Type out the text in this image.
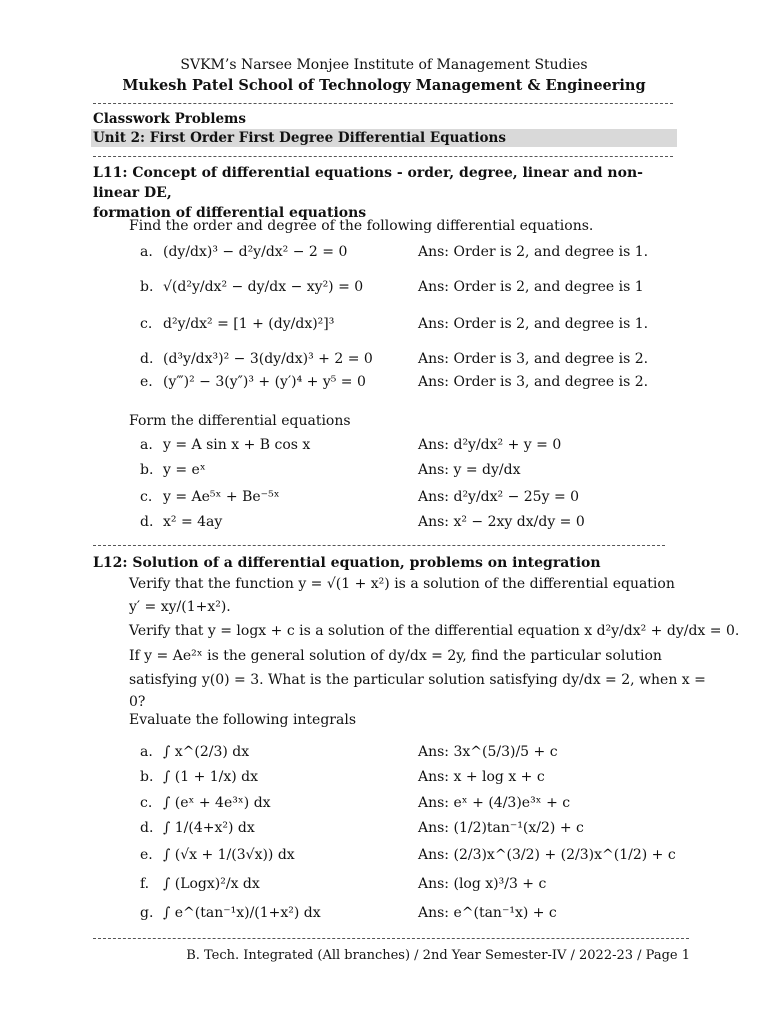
SVKM’s Narsee Monjee Institute of Management Studies
Mukesh Patel School of Technology Management & Engineering
Classwork Problems
Unit 2: First Order First Degree Differential Equations
L11: Concept of differential equations - order, degree, linear and non-linear DE,
formation of differential equations
Find the order and degree of the following differential equations.
a. (dy/dx)³ − d²y/dx² − 2 = 0	Ans: Order is 2, and degree is 1.
b. √(d²y/dx² − dy/dx − xy²) = 0	Ans: Order is 2, and degree is 1
c. d²y/dx² = [1 + (dy/dx)²]³	Ans: Order is 2, and degree is 1.
d. (d³y/dx³)² − 3(dy/dx)³ + 2 = 0	Ans: Order is 3, and degree is 2.
e. (y‴)² − 3(y″)³ + (y′)⁴ + y⁵ = 0	Ans: Order is 3, and degree is 2.
Form the differential equations
a. y = A sin x + B cos x	Ans: d²y/dx² + y = 0
b. y = eˣ	Ans: y = dy/dx
c. y = Ae⁵ˣ + Be⁻⁵ˣ	Ans: d²y/dx² − 25y = 0
d. x² = 4ay	Ans: x² − 2xy dx/dy = 0
L12: Solution of a differential equation, problems on integration
Verify that the function y = √(1 + x²) is a solution of the differential equation
y′ = xy/(1+x²).
Verify that y = logx + c is a solution of the differential equation x d²y/dx² + dy/dx = 0.
If y = Ae²ˣ is the general solution of dy/dx = 2y, find the particular solution
satisfying y(0) = 3. What is the particular solution satisfying dy/dx = 2, when x =
0?
Evaluate the following integrals
a. ∫ x^(2/3) dx	Ans: 3x^(5/3)/5 + c
b. ∫ (1 + 1/x) dx	Ans: x + log x + c
c. ∫ (eˣ + 4e³ˣ) dx	Ans: eˣ + (4/3)e³ˣ + c
d. ∫ 1/(4+x²) dx	Ans: (1/2)tan⁻¹(x/2) + c
e. ∫ (√x + 1/(3√x)) dx	Ans: (2/3)x^(3/2) + (2/3)x^(1/2) + c
f. ∫ (Logx)²/x dx	Ans: (log x)³/3 + c
g. ∫ e^(tan⁻¹x)/(1+x²) dx	Ans: e^(tan⁻¹x) + c
B. Tech. Integrated (All branches) / 2nd Year Semester-IV / 2022-23 / Page 1
